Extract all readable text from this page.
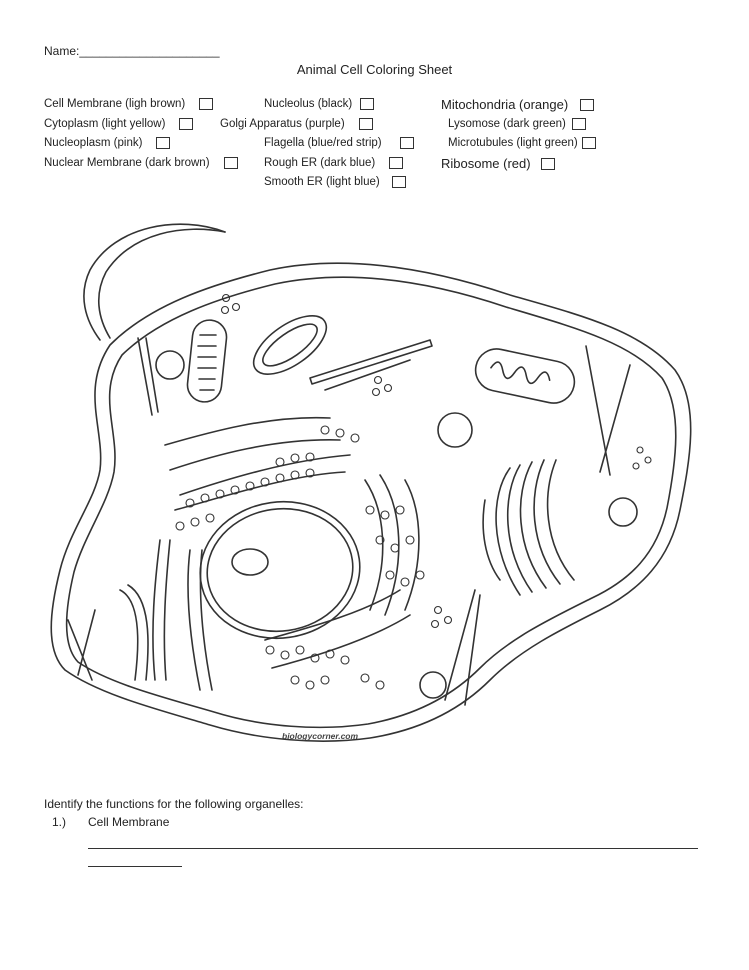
Name:_____________________
Animal Cell Coloring Sheet
Cell Membrane (ligh brown)
Cytoplasm (light yellow)
Nucleoplasm (pink)
Nuclear Membrane (dark brown)
Nucleolus (black)
Golgi Apparatus (purple)
Flagella (blue/red strip)
Rough ER (dark blue)
Smooth ER (light blue)
Mitochondria (orange)
Lysomose (dark green)
Microtubules (light green)
Ribosome (red)
biologycorner.com
Identify the functions for the following organelles:
1.) Cell Membrane
